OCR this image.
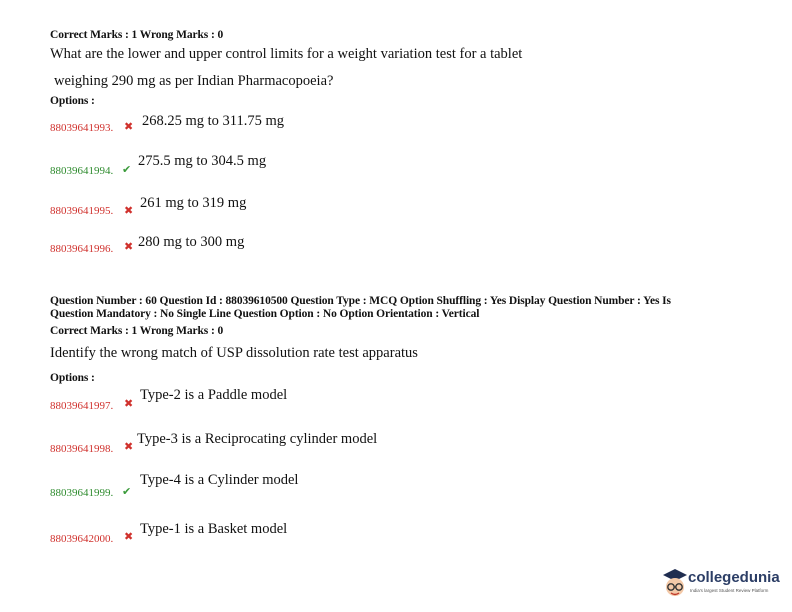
Correct Marks : 1 Wrong Marks : 0
What are the lower and upper control limits for a weight variation test for a tablet
weighing 290 mg as per Indian Pharmacopoeia?
Options :
88039641993. ✖ 268.25 mg to 311.75 mg
88039641994. ✔
275.5 mg to 304.5 mg
88039641995. ✖ 261 mg to 319 mg
88039641996. ✖ 280 mg to 300 mg
Question Number : 60 Question Id : 88039610500 Question Type : MCQ Option Shuffling : Yes Display Question Number : Yes Is
Question Mandatory : No Single Line Question Option : No Option Orientation : Vertical
Correct Marks : 1 Wrong Marks : 0
Identify the wrong match of USP dissolution rate test apparatus
Options :
88039641997. ✖
Type-2 is a Paddle model
88039641998. ✖ Type-3 is a Reciprocating cylinder model
88039641999. ✔
Type-4 is a Cylinder model
88039642000. ✖ Type-1 is a Basket model
collegedunia
India's largest Student Review Platform
